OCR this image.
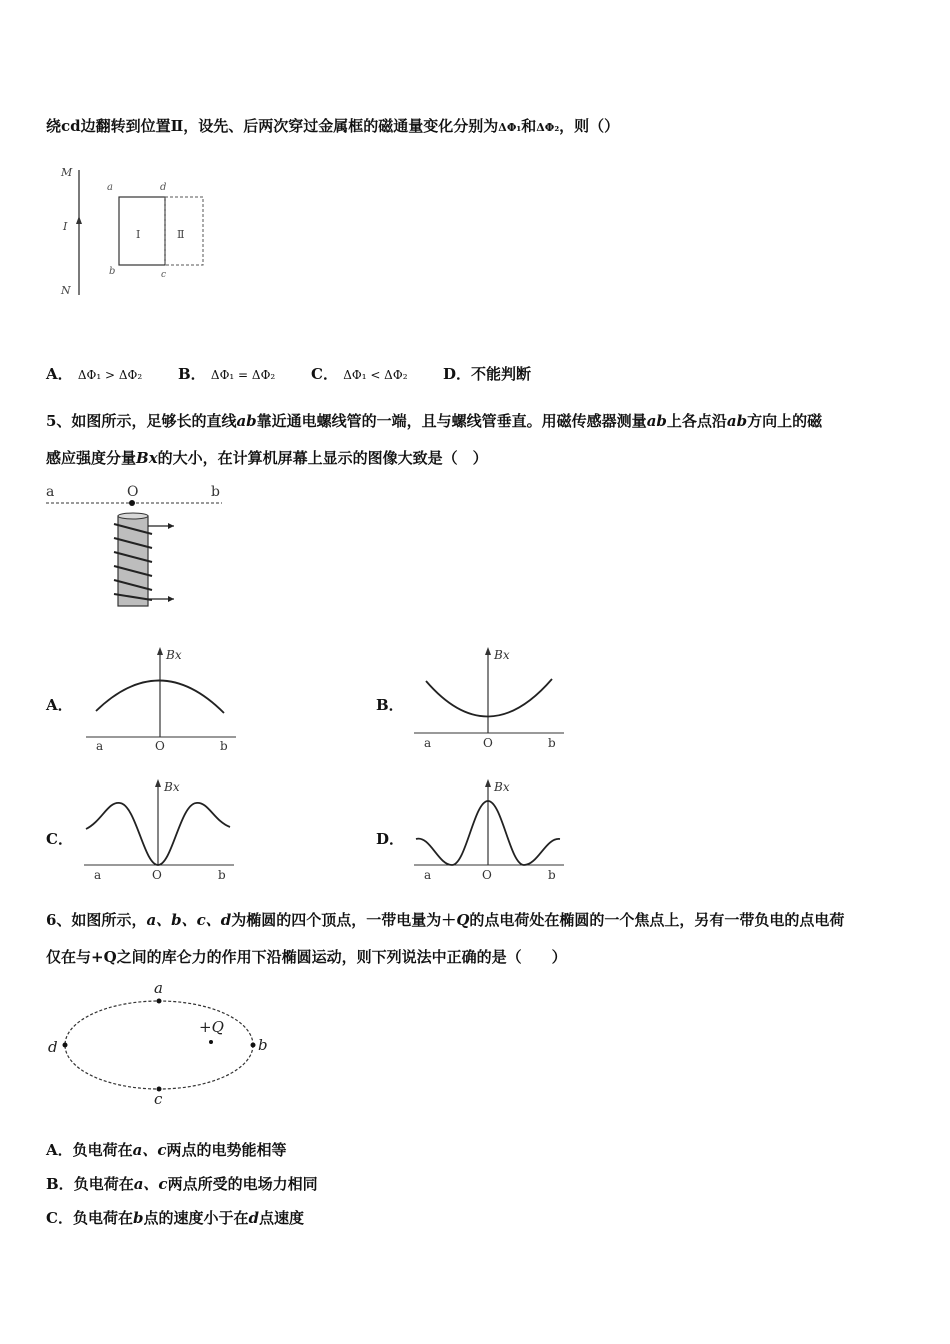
绕cd边翻转到位置Ⅱ，设先、后两次穿过金属框的磁通量变化分别为ΔΦ₁和ΔΦ₂，则（）
M
I
N
a	d
b	c
Ⅰ	Ⅱ
A． ΔΦ₁ > ΔΦ₂ B． ΔΦ₁ = ΔΦ₂ C． ΔΦ₁ < ΔΦ₂ D．不能判断
5、如图所示，足够长的直线ab靠近通电螺线管的一端，且与螺线管垂直。用磁传感器测量ab上各点沿ab方向上的磁
感应强度分量Bx的大小，在计算机屏幕上显示的图像大致是（　）
a	O	b
A．
Bx
a	O	b
B．
Bx
a	O	b
C．
Bx
a	O	b
D．
Bx
a	O	b
6、如图所示，a、b、c、d为椭圆的四个顶点，一带电量为＋Q的点电荷处在椭圆的一个焦点上，另有一带负电的点电荷
仅在与+Q之间的库仑力的作用下沿椭圆运动，则下列说法中正确的是（　　）
a
b
c
d
+Q
A．负电荷在a、c两点的电势能相等
B．负电荷在a、c两点所受的电场力相同
C．负电荷在b点的速度小于在d点速度
